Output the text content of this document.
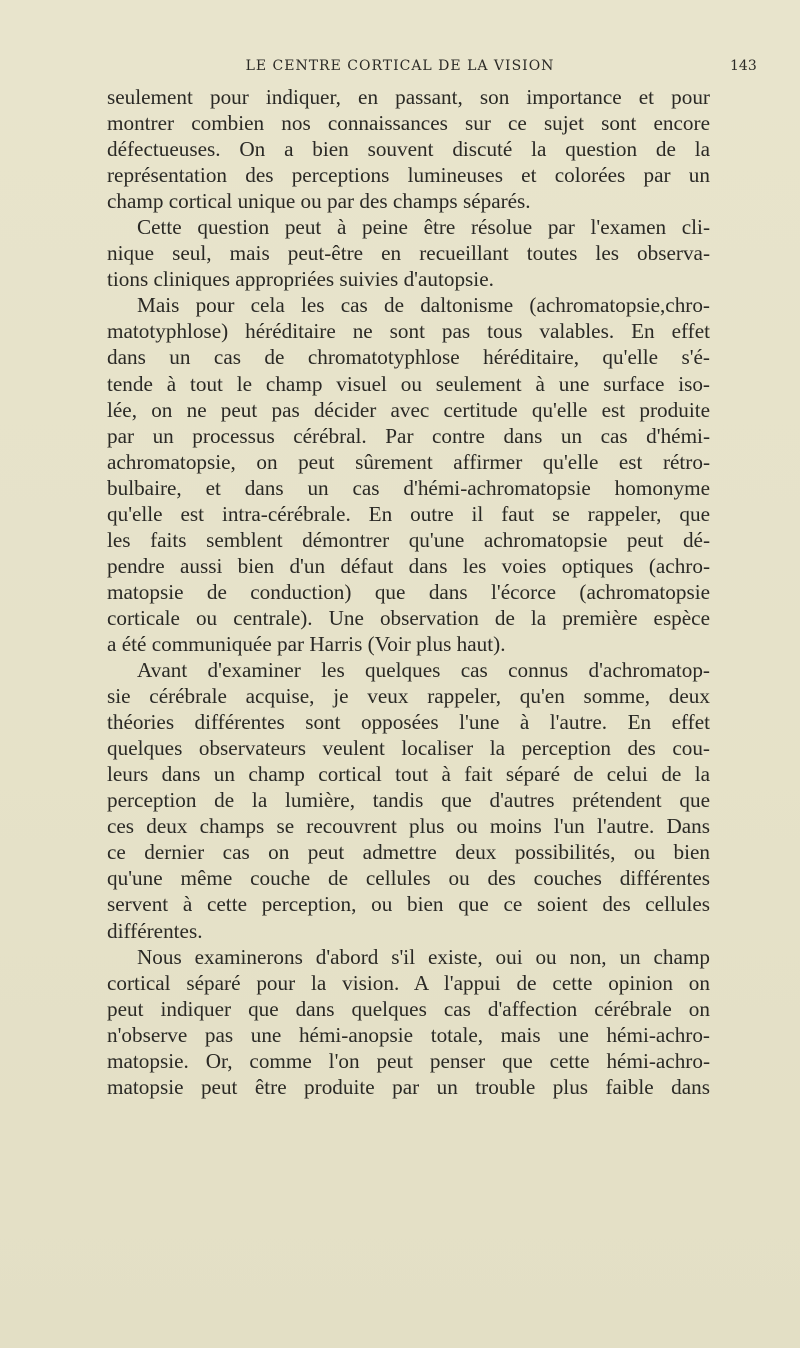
LE CENTRE CORTICAL DE LA VISION	143
seulement pour indiquer, en passant, son importance et pour
montrer combien nos connaissances sur ce sujet sont encore
défectueuses. On a bien souvent discuté la question de la
représentation des perceptions lumineuses et colorées par un
champ cortical unique ou par des champs séparés.
Cette question peut à peine être résolue par l'examen cli-
nique seul, mais peut-être en recueillant toutes les observa-
tions cliniques appropriées suivies d'autopsie.
Mais pour cela les cas de daltonisme (achromatopsie,chro-
matotyphlose) héréditaire ne sont pas tous valables. En effet
dans un cas de chromatotyphlose héréditaire, qu'elle s'é-
tende à tout le champ visuel ou seulement à une surface iso-
lée, on ne peut pas décider avec certitude qu'elle est produite
par un processus cérébral. Par contre dans un cas d'hémi-
achromatopsie, on peut sûrement affirmer qu'elle est rétro-
bulbaire, et dans un cas d'hémi-achromatopsie homonyme
qu'elle est intra-cérébrale. En outre il faut se rappeler, que
les faits semblent démontrer qu'une achromatopsie peut dé-
pendre aussi bien d'un défaut dans les voies optiques (achro-
matopsie de conduction) que dans l'écorce (achromatopsie
corticale ou centrale). Une observation de la première espèce
a été communiquée par Harris (Voir plus haut).
Avant d'examiner les quelques cas connus d'achromatop-
sie cérébrale acquise, je veux rappeler, qu'en somme, deux
théories différentes sont opposées l'une à l'autre. En effet
quelques observateurs veulent localiser la perception des cou-
leurs dans un champ cortical tout à fait séparé de celui de la
perception de la lumière, tandis que d'autres prétendent que
ces deux champs se recouvrent plus ou moins l'un l'autre. Dans
ce dernier cas on peut admettre deux possibilités, ou bien
qu'une même couche de cellules ou des couches différentes
servent à cette perception, ou bien que ce soient des cellules
différentes.
Nous examinerons d'abord s'il existe, oui ou non, un champ
cortical séparé pour la vision. A l'appui de cette opinion on
peut indiquer que dans quelques cas d'affection cérébrale on
n'observe pas une hémi-anopsie totale, mais une hémi-achro-
matopsie. Or, comme l'on peut penser que cette hémi-achro-
matopsie peut être produite par un trouble plus faible dans
